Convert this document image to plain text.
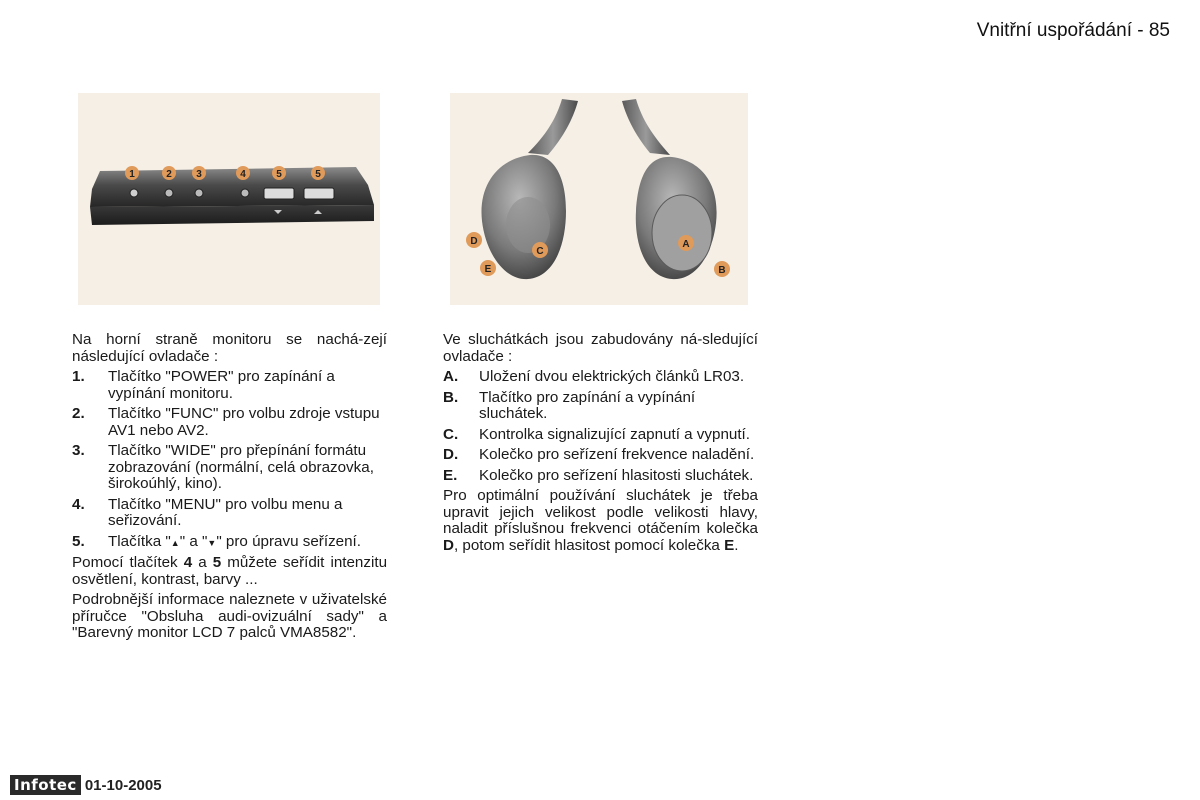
Vnitřní uspořádání - 85
1	2 3	4	5	5
A
B
C
D
E

Na horní straně monitoru se nachá-zejí následující ovladače :

1.	Tlačítko "POWER" pro zapínání a vypínání monitoru.
2.	Tlačítko "FUNC" pro volbu zdroje vstupu AV1 nebo AV2.
3.	Tlačítko "WIDE" pro přepínání formátu zobrazování (normální, celá obrazovka, širokoúhlý, kino).
4.	Tlačítko "MENU" pro volbu menu a seřizování.
5.	Tlačítka "▲" a "▼" pro úpravu seřízení.

Pomocí tlačítek 4 a 5 můžete seřídit intenzitu osvětlení, kontrast, barvy ...

Podrobnější informace naleznete v uživatelské příručce "Obsluha audi-ovizuální sady" a "Barevný monitor LCD 7 palců VMA8582".

Ve sluchátkách jsou zabudovány ná-sledující ovladače :

A.	Uložení dvou elektrických článků LR03.
B.	Tlačítko pro zapínání a vypínání sluchátek.
C.	Kontrolka signalizující zapnutí a vypnutí.
D.	Kolečko pro seřízení frekvence naladění.
E.	Kolečko pro seřízení hlasitosti sluchátek.

Pro optimální používání sluchátek je třeba upravit jejich velikost podle velikosti hlavy, naladit příslušnou frekvenci otáčením kolečka D, potom seřídit hlasitost pomocí kolečka E.

Infotec 01-10-2005
